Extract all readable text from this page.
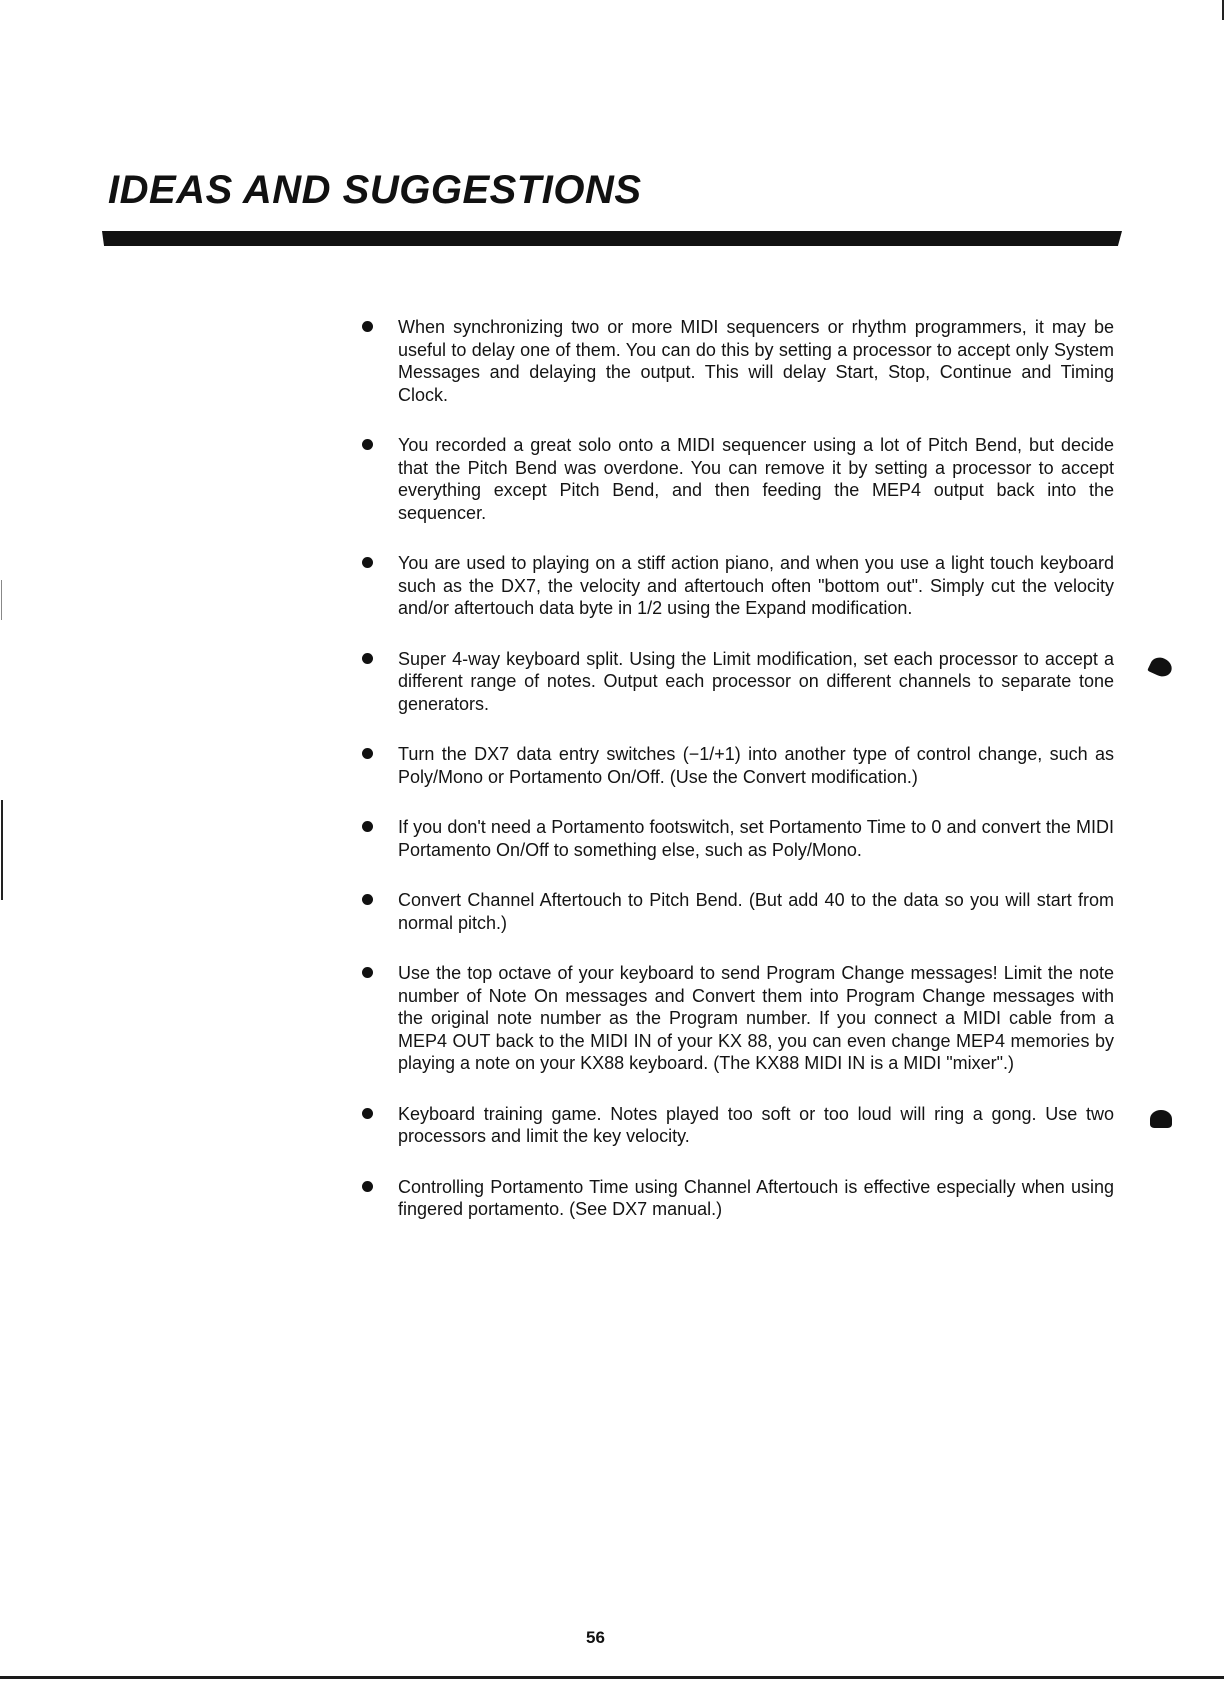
IDEAS AND SUGGESTIONS
When synchronizing two or more MIDI sequencers or rhythm programmers, it may be useful to delay one of them. You can do this by setting a processor to accept only System Messages and delaying the output. This will delay Start, Stop, Continue and Timing Clock.
You recorded a great solo onto a MIDI sequencer using a lot of Pitch Bend, but decide that the Pitch Bend was overdone. You can remove it by setting a processor to accept everything except Pitch Bend, and then feeding the MEP4 output back into the sequencer.
You are used to playing on a stiff action piano, and when you use a light touch keyboard such as the DX7, the velocity and aftertouch often "bottom out". Simply cut the velocity and/or aftertouch data byte in 1/2 using the Expand modification.
Super 4-way keyboard split. Using the Limit modification, set each processor to accept a different range of notes. Output each processor on different channels to separate tone generators.
Turn the DX7 data entry switches (−1/+1) into another type of control change, such as Poly/Mono or Portamento On/Off. (Use the Convert modification.)
If you don't need a Portamento footswitch, set Portamento Time to 0 and convert the MIDI Portamento On/Off to something else, such as Poly/Mono.
Convert Channel Aftertouch to Pitch Bend. (But add 40 to the data so you will start from normal pitch.)
Use the top octave of your keyboard to send Program Change messages! Limit the note number of Note On messages and Convert them into Program Change messages with the original note number as the Program number. If you connect a MIDI cable from a MEP4 OUT back to the MIDI IN of your KX 88, you can even change MEP4 memories by playing a note on your KX88 keyboard. (The KX88 MIDI IN is a MIDI "mixer".)
Keyboard training game. Notes played too soft or too loud will ring a gong. Use two processors and limit the key velocity.
Controlling Portamento Time using Channel Aftertouch is effective especially when using fingered portamento. (See DX7 manual.)
56
